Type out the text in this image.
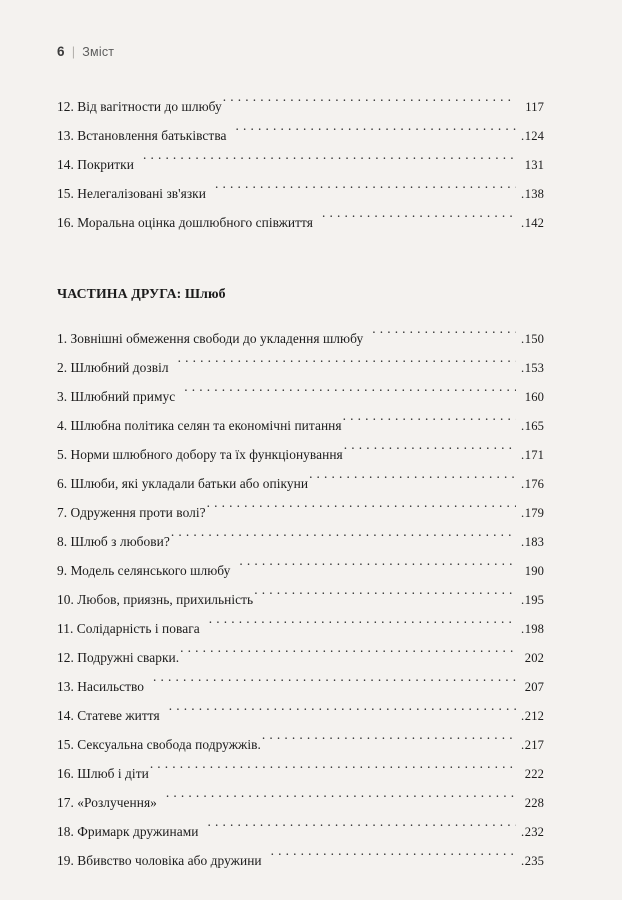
6 | Зміст
12. Від вагітности до шлюбу . . .	117
13. Встановлення батьківства . . .	. 124
14. Покритки . . .	131
15. Нелегалізовані зв'язки . . .	. 138
16. Моральна оцінка дошлюбного співжиття . . .	. 142
ЧАСТИНА ДРУГА: Шлюб
1. Зовнішні обмеження свободи до укладення шлюбу . . .	. 150
2. Шлюбний дозвіл . . .	. 153
3. Шлюбний примус . . .	160
4. Шлюбна політика селян та економічні питання . . .	. 165
5. Норми шлюбного добору та їх функціонування . . .	. 171
6. Шлюби, які укладали батьки або опікуни . . .	. 176
7. Одруження проти волі? . . .	. 179
8. Шлюб з любови? . . .	. 183
9. Модель селянського шлюбу . . .	190
10. Любов, приязнь, прихильність . . .	. 195
11. Солідарність і повага . . .	. 198
12. Подружні сварки. . . .	202
13. Насильство . . .	207
14. Статеве життя . . .	. 212
15. Сексуальна свобода подружжів. . . .	. 217
16. Шлюб і діти . . .	222
17. «Розлучення» . . .	228
18. Фримарк дружинами . . .	. 232
19. Вбивство чоловіка або дружини . . .	. 235
